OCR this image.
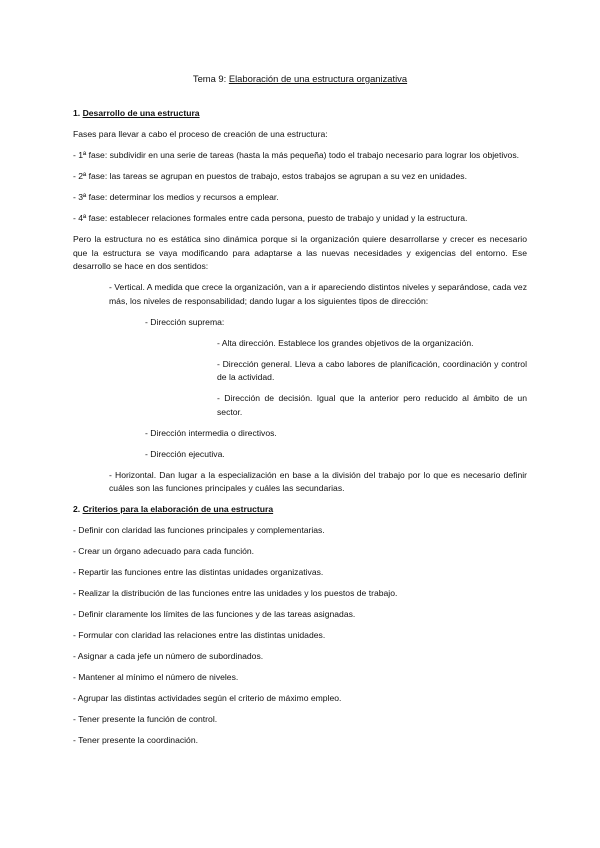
Tema 9: Elaboración de una estructura organizativa

1. Desarrollo de una estructura

Fases para llevar a cabo el proceso de creación de una estructura:

- 1ª fase: subdividir en una serie de tareas (hasta la más pequeña) todo el trabajo necesario para lograr los objetivos.

- 2ª fase: las tareas se agrupan en puestos de trabajo, estos trabajos se agrupan a su vez en unidades.

- 3ª fase: determinar los medios y recursos a emplear.

- 4ª fase: establecer relaciones formales entre cada persona, puesto de trabajo y unidad y la estructura.

Pero la estructura no es estática sino dinámica porque si la organización quiere desarrollarse y crecer es necesario que la estructura se vaya modificando para adaptarse a las nuevas necesidades y exigencias del entorno. Ese desarrollo se hace en dos sentidos:

- Vertical. A medida que crece la organización, van a ir apareciendo distintos niveles y separándose, cada vez más, los niveles de responsabilidad; dando lugar a los siguientes tipos de dirección:

- Dirección suprema:

- Alta dirección. Establece los grandes objetivos de la organización.

- Dirección general. Lleva a cabo labores de planificación, coordinación y control de la actividad.

- Dirección de decisión. Igual que la anterior pero reducido al ámbito de un sector.

- Dirección intermedia o directivos.

- Dirección ejecutiva.

- Horizontal. Dan lugar a la especialización en base a la división del trabajo por lo que es necesario definir cuáles son las funciones principales y cuáles las secundarias.

2. Criterios para la elaboración de una estructura

- Definir con claridad las funciones principales y complementarias.

- Crear un órgano adecuado para cada función.

- Repartir las funciones entre las distintas unidades organizativas.

- Realizar la distribución de las funciones entre las unidades y los puestos de trabajo.

- Definir claramente los límites de las funciones y de las tareas asignadas.

- Formular con claridad las relaciones entre las distintas unidades.

- Asignar a cada jefe un número de subordinados.

- Mantener al mínimo el número de niveles.

- Agrupar las distintas actividades según el criterio de máximo empleo.

- Tener presente la función de control.

- Tener presente la coordinación.
